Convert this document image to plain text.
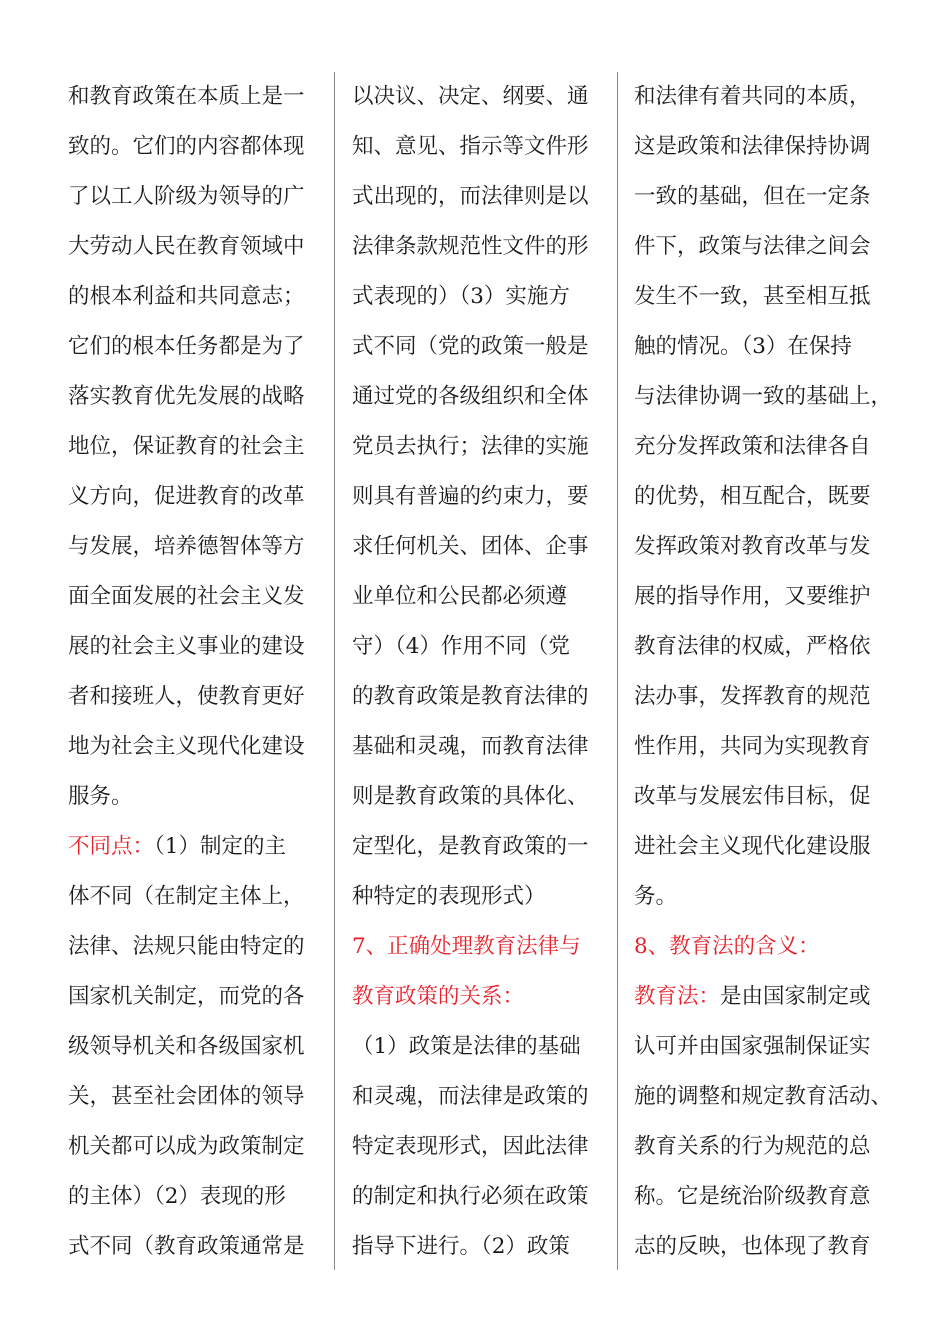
和教育政策在本质上是一
致的。它们的内容都体现
了以工人阶级为领导的广
大劳动人民在教育领域中
的根本利益和共同意志；
它们的根本任务都是为了
落实教育优先发展的战略
地位，保证教育的社会主
义方向，促进教育的改革
与发展，培养德智体等方
面全面发展的社会主义发
展的社会主义事业的建设
者和接班人，使教育更好
地为社会主义现代化建设
服务。
不同点：（1）制定的主
体不同（在制定主体上，
法律、法规只能由特定的
国家机关制定，而党的各
级领导机关和各级国家机
关，甚至社会团体的领导
机关都可以成为政策制定
的主体）（2）表现的形
式不同（教育政策通常是
以决议、决定、纲要、通
知、意见、指示等文件形
式出现的，而法律则是以
法律条款规范性文件的形
式表现的）（3）实施方
式不同（党的政策一般是
通过党的各级组织和全体
党员去执行；法律的实施
则具有普遍的约束力，要
求任何机关、团体、企事
业单位和公民都必须遵
守）（4）作用不同（党
的教育政策是教育法律的
基础和灵魂，而教育法律
则是教育政策的具体化、
定型化，是教育政策的一
种特定的表现形式）
7、正确处理教育法律与
教育政策的关系：
（1）政策是法律的基础
和灵魂，而法律是政策的
特定表现形式，因此法律
的制定和执行必须在政策
指导下进行。（2）政策
和法律有着共同的本质，
这是政策和法律保持协调
一致的基础，但在一定条
件下，政策与法律之间会
发生不一致，甚至相互抵
触的情况。（3）在保持
与法律协调一致的基础上，
充分发挥政策和法律各自
的优势，相互配合，既要
发挥政策对教育改革与发
展的指导作用，又要维护
教育法律的权威，严格依
法办事，发挥教育的规范
性作用，共同为实现教育
改革与发展宏伟目标，促
进社会主义现代化建设服
务。
8、教育法的含义：
教育法：是由国家制定或
认可并由国家强制保证实
施的调整和规定教育活动、
教育关系的行为规范的总
称。它是统治阶级教育意
志的反映，也体现了教育
